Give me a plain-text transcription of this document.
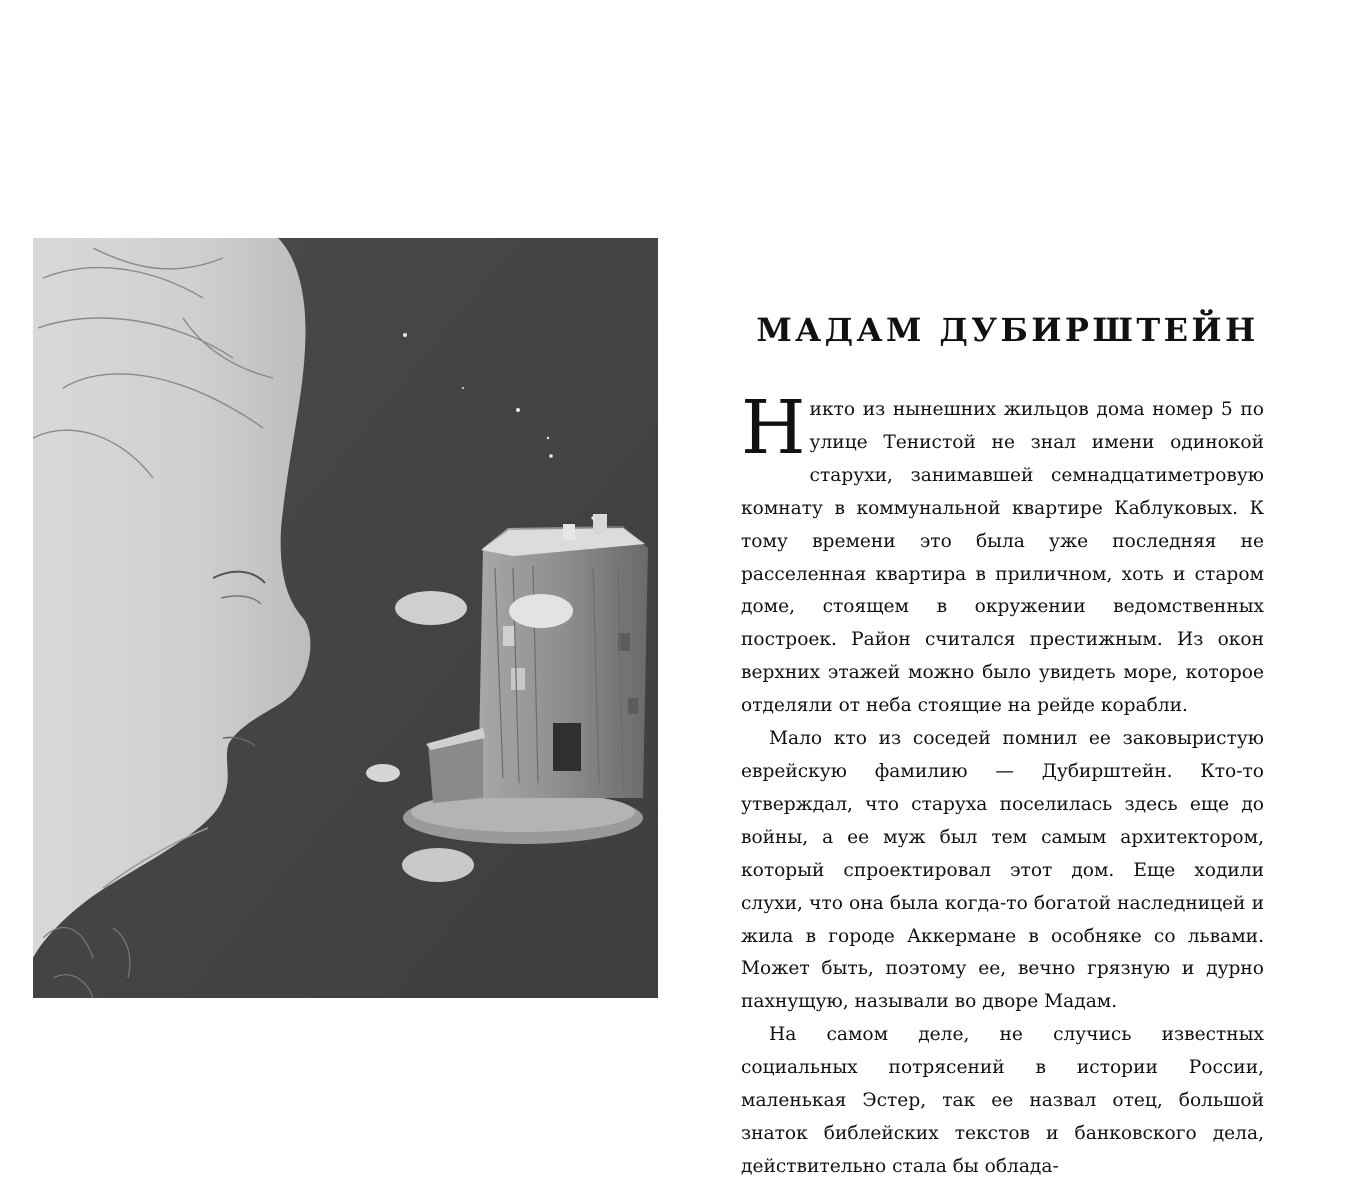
МАДАМ ДУБИРШТЕЙН

Никто из нынешних жильцов дома номер 5 по улице Тенистой не знал имени одинокой старухи, занимавшей семнадцатиметровую комнату в коммунальной квартире Каблуковых. К тому времени это была уже последняя не расселенная квартира в приличном, хоть и старом доме, стоящем в окружении ведомственных построек. Район считался престижным. Из окон верхних этажей можно было увидеть море, которое отделяли от неба стоящие на рейде корабли.

Мало кто из соседей помнил ее заковыристую еврейскую фамилию — Дубирштейн. Кто-то утверждал, что старуха поселилась здесь еще до войны, а ее муж был тем самым архитектором, который спроектировал этот дом. Еще ходили слухи, что она была когда-то богатой наследницей и жила в городе Аккермане в особняке со львами. Может быть, поэтому ее, вечно грязную и дурно пахнущую, называли во дворе Мадам.

На самом деле, не случись известных социальных потрясений в истории России, маленькая Эстер, так ее назвал отец, большой знаток библейских текстов и банковского дела, действительно стала бы облада-
